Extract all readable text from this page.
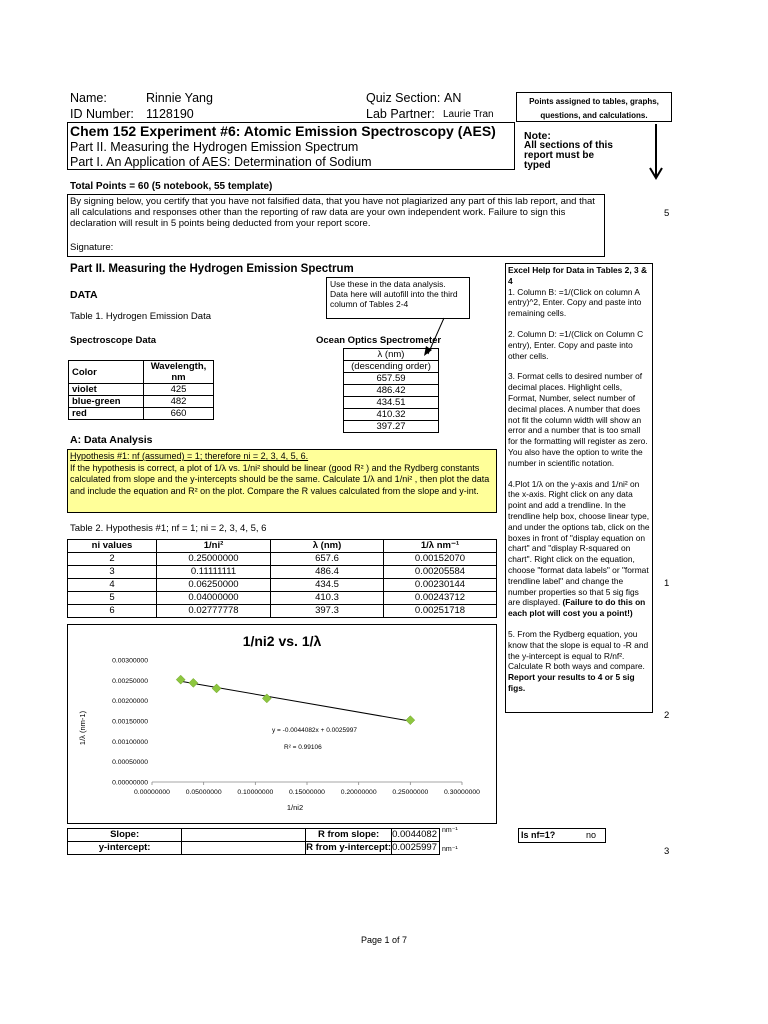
Name:	Rinnie Yang
ID Number: 1128190
Quiz Section: AN
Lab Partner: Laurie Tran
Points assigned to tables, graphs, questions, and calculations.
Chem 152 Experiment #6: Atomic Emission Spectroscopy (AES)
Part II. Measuring the Hydrogen Emission Spectrum
Part I. An Application of AES: Determination of Sodium
Note:
All sections of this report must be typed
Total Points = 60 (5 notebook, 55 template)
By signing below, you certify that you have not falsified data, that you have not plagiarized any part of this lab report, and that all calculations and responses other than the reporting of raw data are your own independent work. Failure to sign this declaration will result in 5 points being deducted from your report score.
Signature:
5
Part II. Measuring the Hydrogen Emission Spectrum
DATA
Table 1. Hydrogen Emission Data
Use these in the data analysis. Data here will autofill into the third column of Tables 2-4
Spectroscope Data	Ocean Optics Spectrometer
Color	Wavelength, nm
violet	425
blue-green	482
red	660
λ (nm)
(descending order)
657.59
486.42
434.51
410.32
397.27
A: Data Analysis
Hypothesis #1: nf (assumed) = 1; therefore ni = 2, 3, 4, 5, 6.
If the hypothesis is correct, a plot of 1/λ vs. 1/ni² should be linear (good R² ) and the Rydberg constants
calculated from slope and the y-intercepts should be the same. Calculate 1/λ and 1/ni² , then plot the data
and include the equation and R² on the plot. Compare the R values calculated from the slope and y-int.
Table 2. Hypothesis #1; nf = 1; ni = 2, 3, 4, 5, 6
ni values	1/ni²	λ (nm)	1/λ nm⁻¹
2	0.25000000	657.6	0.00152070
3	0.11111111	486.4	0.00205584
4	0.06250000	434.5	0.00230144
5	0.04000000	410.3	0.00243712
6	0.02777778	397.3	0.00251718
1/ni2 vs. 1/λ
1/ni2
1/λ (nm-1)
0.00000000 0.05000000 0.10000000 0.15000000 0.20000000 0.25000000 0.30000000
0.00000000
0.00050000
0.00100000
0.00150000
0.00200000
0.00250000
0.00300000
y = -0.0044082x + 0.0025997
R² = 0.99106
Slope:		R from slope:	0.0044082
y-intercept:		R from y-intercept:	0.0025997
nm⁻¹
nm⁻¹
Is nf=1?	no
Excel Help for Data in Tables 2, 3 & 4
1. Column B: =1/(Click on column A entry)^2, Enter. Copy and paste into remaining cells.
2. Column D: =1/(Click on Column C entry), Enter. Copy and paste into other cells.
3. Format cells to desired number of decimal places. Highlight cells, Format, Number, select number of decimal places. A number that does not fit the column width will show an error and a number that is too small for the formatting will register as zero. You also have the option to write the number in scientific notation.
4.Plot 1/λ on the y-axis and 1/ni² on the x-axis. Right click on any data point and add a trendline. In the trendline help box, choose linear type, and under the options tab, click on the boxes in front of "display equation on chart" and "display R-squared on chart". Right click on the equation, choose "format data labels" or "format trendline label" and change the number properties so that 5 sig figs are displayed. (Failure to do this on each plot will cost you a point!)
5. From the Rydberg equation, you know that the slope is equal to -R and the y-intercept is equal to R/nf². Calculate R both ways and compare. Report your results to 4 or 5 sig figs.
1
2
3
Page 1 of 7
